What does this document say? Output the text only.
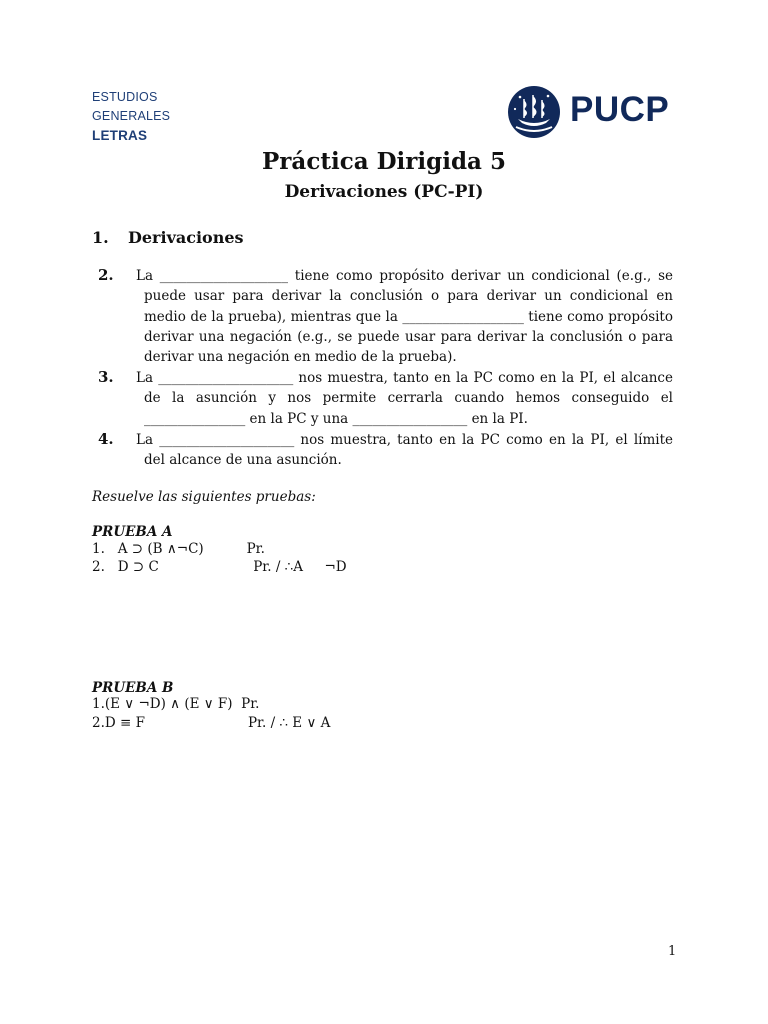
ESTUDIOS
GENERALES
LETRAS
PUCP
Práctica Dirigida 5
Derivaciones (PC-PI)
1. Derivaciones
2. La ___________________ tiene como propósito derivar un condicional (e.g., se puede usar para derivar la conclusión o para derivar un condicional en medio de la prueba), mientras que la __________________ tiene como propósito derivar una negación (e.g., se puede usar para derivar la conclusión o para derivar una negación en medio de la prueba).
3. La ____________________ nos muestra, tanto en la PC como en la PI, el alcance de la asunción y nos permite cerrarla cuando hemos conseguido el _______________ en la PC y una _________________ en la PI.
4. La ____________________ nos muestra, tanto en la PC como en la PI, el límite del alcance de una asunción.
Resuelve las siguientes pruebas:
PRUEBA A
1.   A ⊃ (B ∧¬C)          Pr.
2.   D ⊃ C                      Pr. / ∴A     ¬D
PRUEBA B
1.(E ∨ ¬D) ∧ (E ∨ F)  Pr.
2.D ≡ F                        Pr. / ∴ E ∨ A
1
